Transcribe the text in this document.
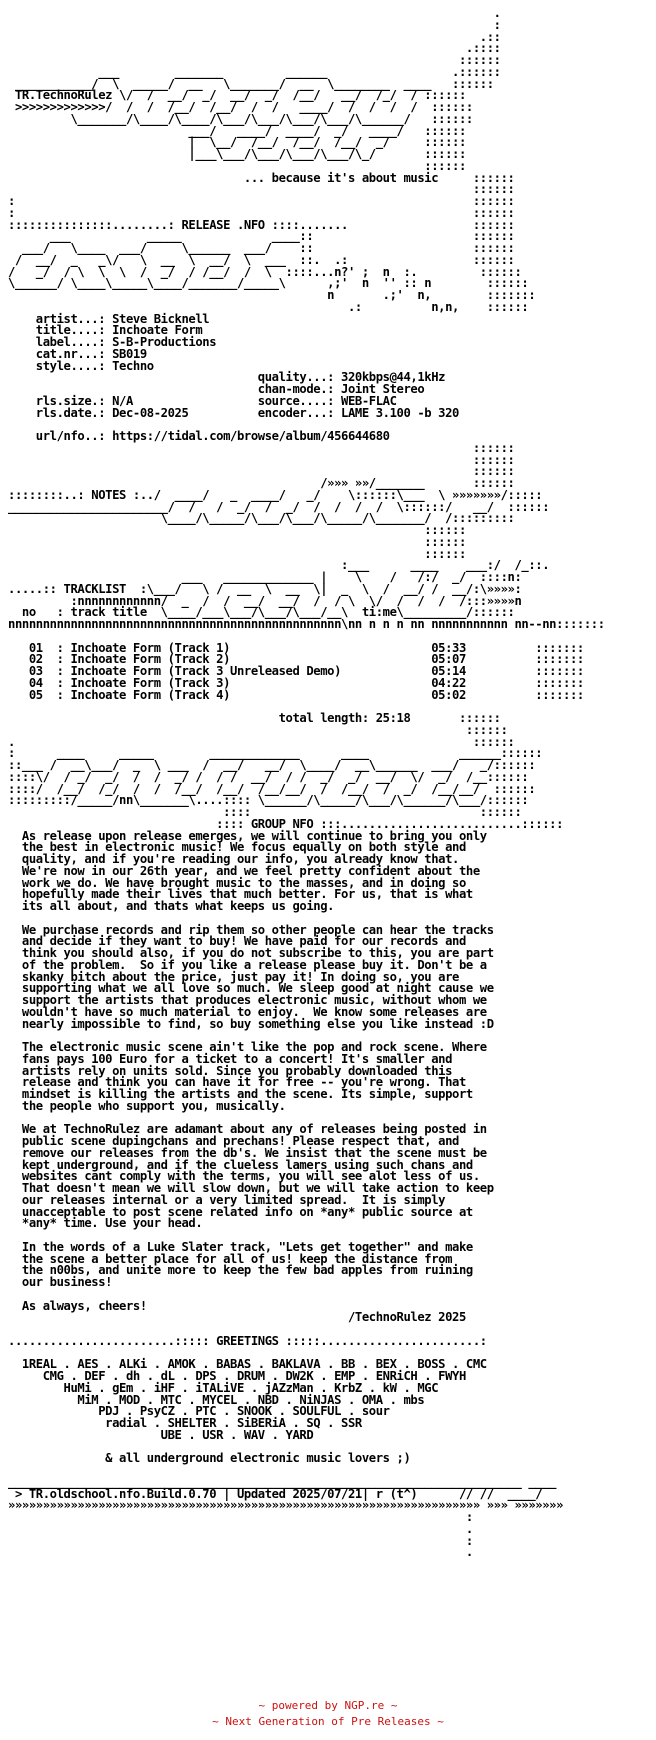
.
:
.::
.::::
::::::
___        _______         ______                  .::::::
___________/  \  _____/  __   \_______/  __  \________  ____   ::::::
TR.TechnoRulez \/  /  __/  _/  __/  _/  /__/   __/  /_/  / ::::::
>>>>>>>>>>>>>/  /  /  /__/  /__/  /  /   ____/  /  /  /  /  ::::::
\_______/\____/\____/\___/\___/\___/\___/\______/   ::::::
___/   ____/  ____/  _/   ____/   ::::::
|  \__/  /__/  /__/  /__/  _/     ::::::
|___\___/\___/\___/\___/\_/       ::::::
::::::
... because it's about music     ::::::
::::::
:                                                                  ::::::
:                                                                  ::::::
:::::::::::::::........: RELEASE .NFO ::::.......                  ::::::
___           _____             ____::                       ::::::
___/   \____  ___/     \______  ___/    ::                       ::::::
/  __/  _   _\/   \  __  \  __/  \  ___  ::.  .:                  ::::::
/   _/  / \  \  \  /  _/  / /__/  /  \  ::::...n?' ;  n  :.         ::::::
\______/ \____\_____\____/_______/_____\      ,;'  n  '' :: n        ::::::
n       .;'  n,        :::::::
.:          n,n,    ::::::
artist...: Steve Bicknell
title....: Inchoate Form
label....: S-B-Productions
cat.nr...: SB019
style....: Techno
quality...: 320kbps@44,1kHz
chan-mode.: Joint Stereo
rls.size.: N/A                  source....: WEB-FLAC
rls.date.: Dec-08-2025          encoder...: LAME 3.100 -b 320

url/nfo..: https://tidal.com/browse/album/456644680
::::::
::::::
::::::
/»»» »»/_______       ::::::
::::::::..: NOTES :../  ____/   _  ____/   _/    \::::::\___  \ »»»»»»»/:::::
_______________________/  /   /  _/  /  _/  /  /  /  /  \::::::/   __/  ::::::
\____/\_____/\___/\___/\_____/\_______/  /:::::::::
::::::
::::::
::::::
:___      ____    ___:/  /_::.
___   _____________ |    \    /   /:/  _/  ::::n:
.....:: TRACKLIST  :\___/   \ /  __  \  __  \|  _  \  /  __/ /  __/:\»»»»:
:nnnnnnnnnnnn/  _  /  /  __/  __/  /  / \  \/  /  /  /  /:::»»»»n
no   : track title  \____/___\___/\___/\___/__\  ti:me\_________/::::::
nnnnnnnnnnnnnnnnnnnnnnnnnnnnnnnnnnnnnnnnnnnnnnnn\nn n n n nn nnnnnnnnnnn nn--nn:::::::

01  : Inchoate Form (Track 1)	05:33	:::::::
02  : Inchoate Form (Track 2)	05:07	:::::::
03  : Inchoate Form (Track 3 Unreleased Demo)	05:14	:::::::
04  : Inchoate Form (Track 3)	04:22	:::::::
05  : Inchoate Form (Track 4)	05:02	:::::::

total length: 25:18       ::::::
::::::
.                                                                  ::::::
:      ____     _____        _____________      ____             ______::::::
::___ /  __\___/  _  \ ___  /  __/   __/  \____/  __\______  ___/   _/::::::
::::\/  / _/  _/  /  /  _/ /  / /  __/  / /  _/  _/  __/  \/  _/  /__::::::
::::/  /__/  /_/  /  /  /__/  /__/  /__/__/  /  /__/  /  _/  /__/__/  ::::::
:::::::::/_____/nn\_______\....:::: \______/\_____/\___/\______/\___/::::::
::::                                 ::::::
:::: GROUP NFO :::..........................::::::
As release upon release emerges, we will continue to bring you only
the best in electronic music! We focus equally on both style and
quality, and if you're reading our info, you already know that.
We're now in our 26th year, and we feel pretty confident about the
work we do. We have brought music to the masses, and in doing so
hopefully made their lives that much better. For us, that is what
its all about, and thats what keeps us going.

We purchase records and rip them so other people can hear the tracks
and decide if they want to buy! We have paid for our records and
think you should also, if you do not subscribe to this, you are part
of the problem.  So if you like a release please buy it. Don't be a
skanky bitch about the price, just pay it! In doing so, you are
supporting what we all love so much. We sleep good at night cause we
support the artists that produces electronic music, without whom we
wouldn't have so much material to enjoy.  We know some releases are
nearly impossible to find, so buy something else you like instead :D

The electronic music scene ain't like the pop and rock scene. Where
fans pays 100 Euro for a ticket to a concert! It's smaller and
artists rely on units sold. Since you probably downloaded this
release and think you can have it for free -- you're wrong. That
mindset is killing the artists and the scene. Its simple, support
the people who support you, musically.

We at TechnoRulez are adamant about any of releases being posted in
public scene dupingchans and prechans! Please respect that, and
remove our releases from the db's. We insist that the scene must be
kept underground, and if the clueless lamers using such chans and
websites cant comply with the terms, you will see alot less of us.
That doesn't mean we will slow down, but we will take action to keep
our releases internal or a very limited spread.  It is simply
unacceptable to post scene related info on *any* public source at
*any* time. Use your head.

In the words of a Luke Slater track, "Lets get together" and make
the scene a better place for all of us! keep the distance from
the n00bs, and unite more to keep the few bad apples from ruining
our business!

As always, cheers!
/TechnoRulez 2025

........................::::: GREETINGS :::::.......................:

1REAL . AES . ALKi . AMOK . BABAS . BAKLAVA . BB . BEX . BOSS . CMC
CMG . DEF . dh . dL . DPS . DRUM . DW2K . EMP . ENRiCH . FWYH
HuMi . gEm . iHF . iTALiVE . jAZzMan . KrbZ . kW . MGC
MiM . MOD . MTC . MYCEL . NBD . NiNJAS . OMA . mbs
PDJ . PsyCZ . PTC . SNOOK . SOULFUL . sour
radial . SHELTER . SiBERiA . SQ . SSR
UBE . USR . WAV . YARD

& all underground electronic music lovers ;)

__________________________________________________________________________ ____
> TR.oldschool.nfo.Build.0.70 | Updated 2025/07/21| r (t^)      // //  ____/
»»»»»»»»»»»»»»»»»»»»»»»»»»»»»»»»»»»»»»»»»»»»»»»»»»»»»»»»»»»»»»»»»»»» »»» »»»»»»»
:
.
:
.
~ powered by NGP.re ~
~ Next Generation of Pre Releases ~
